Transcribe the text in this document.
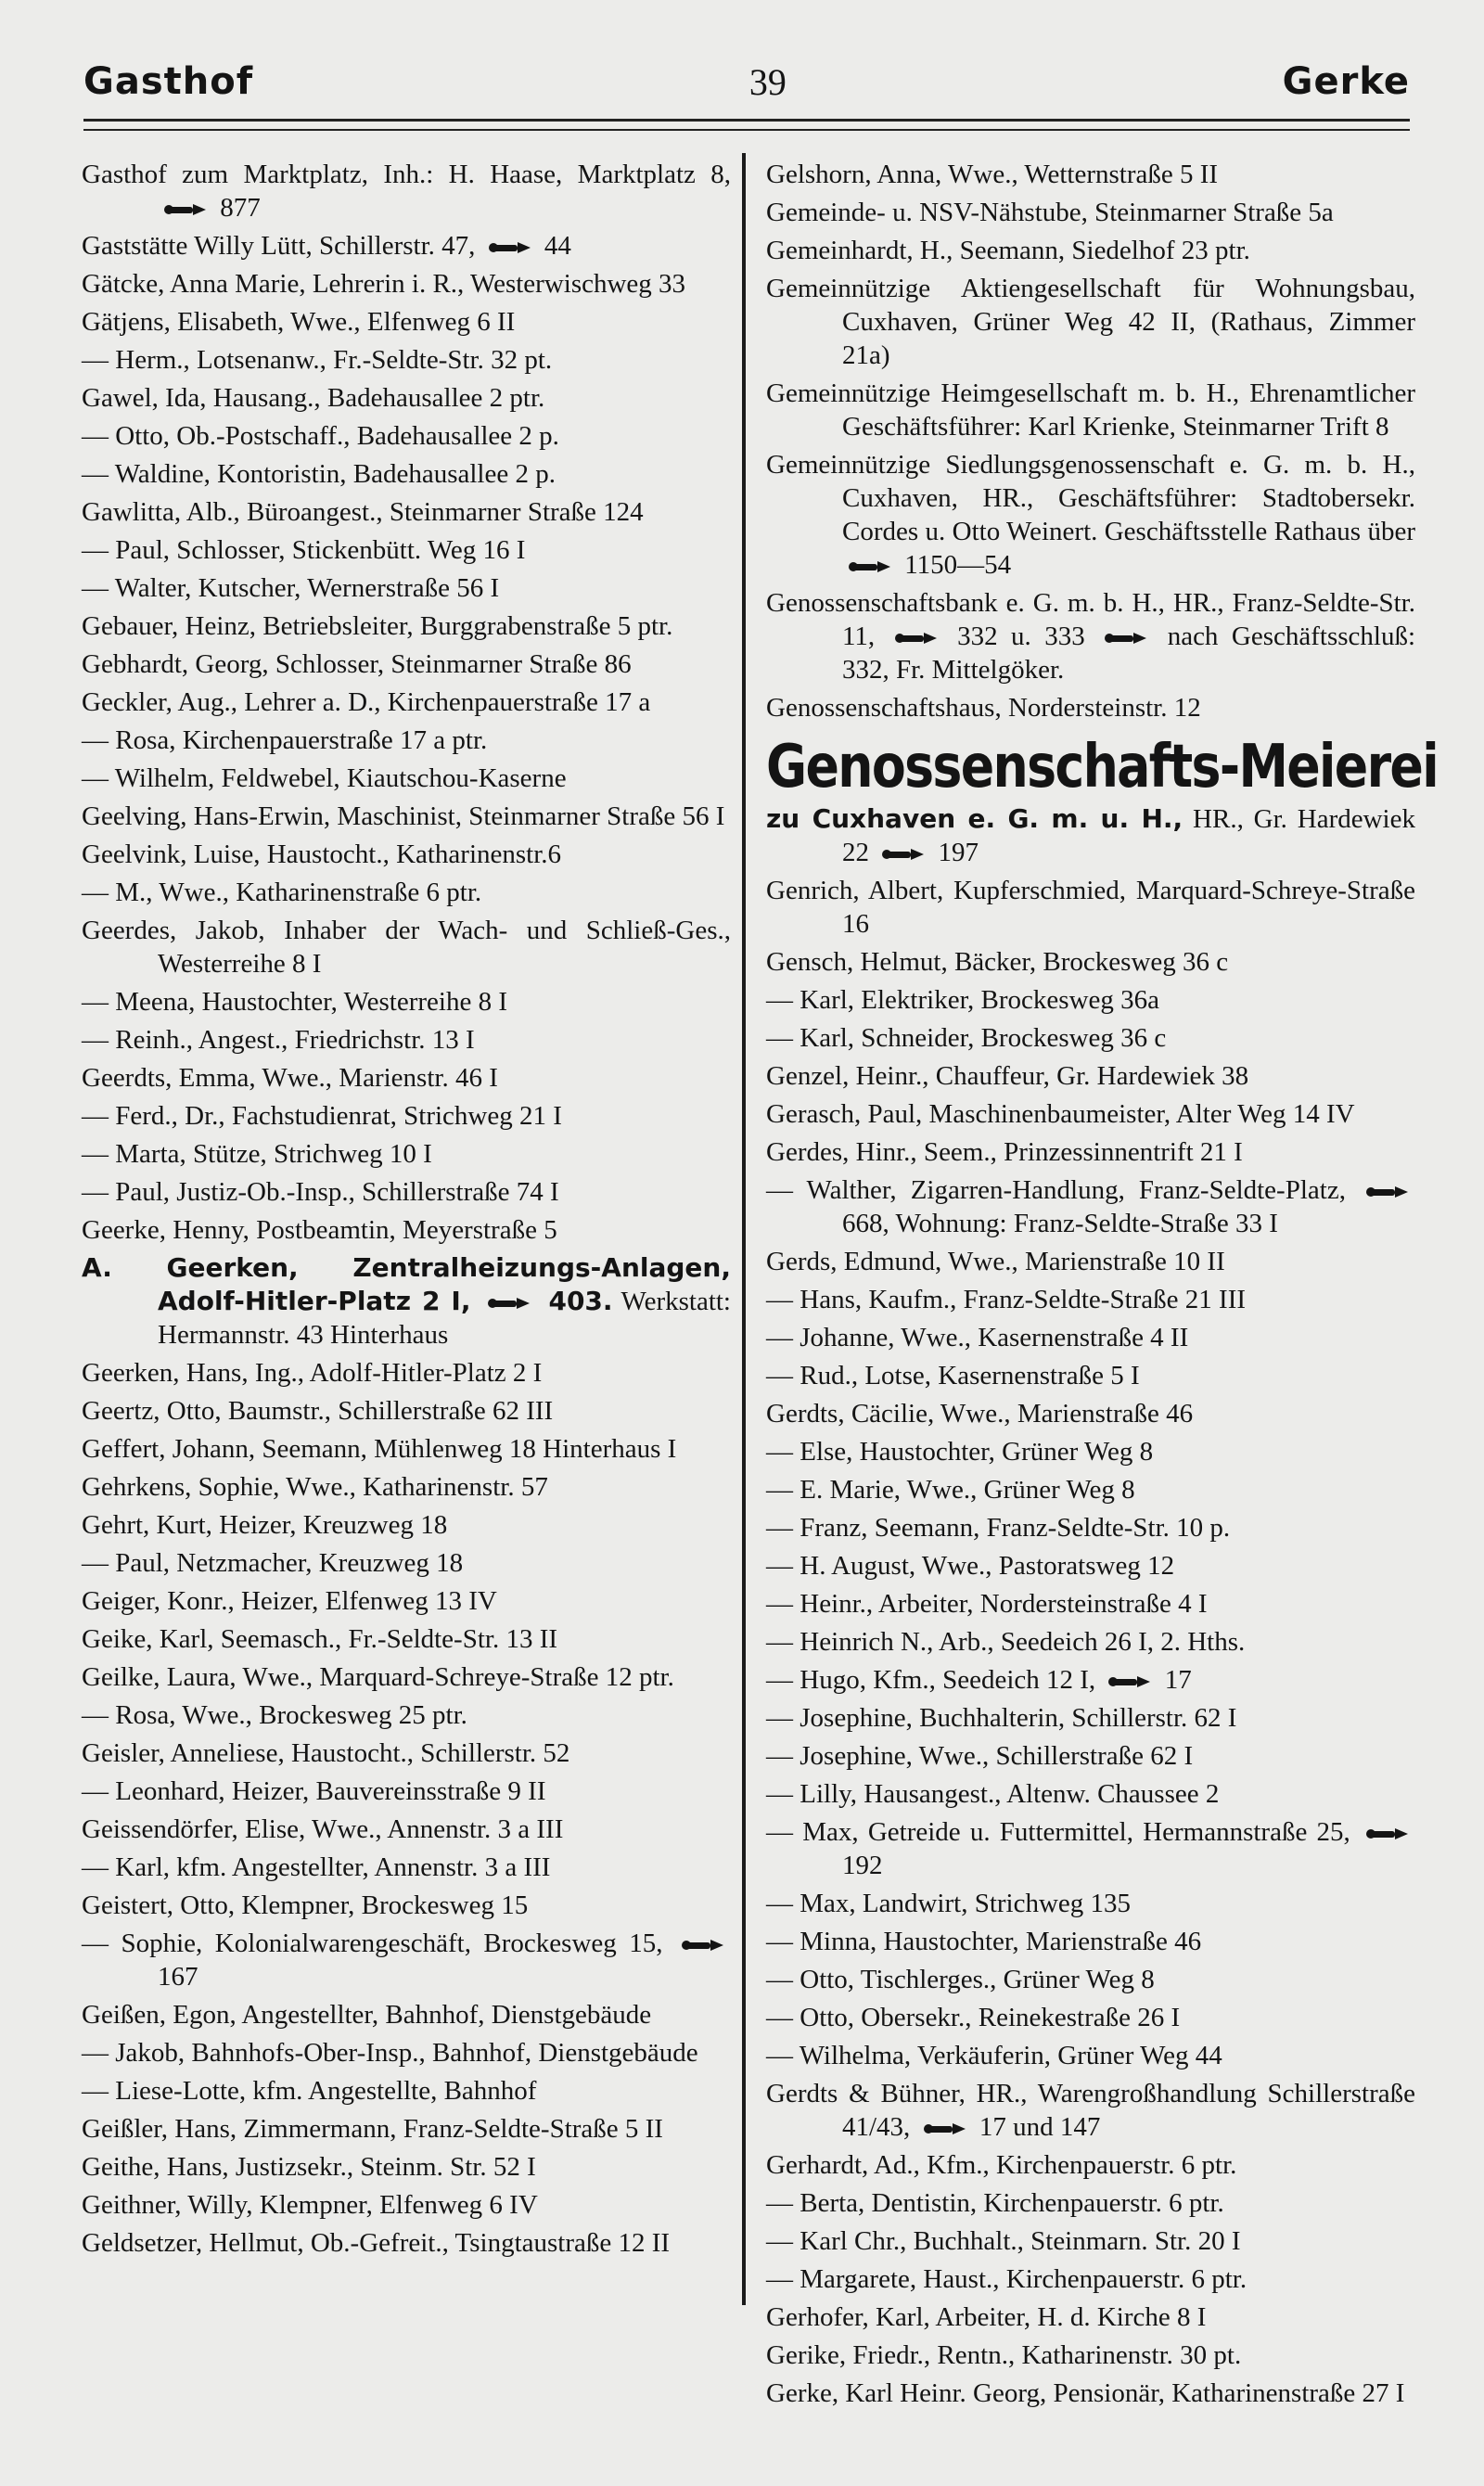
Gasthof	39	Gerke
Gasthof zum Marktplatz, Inh.: H. Haase, Marktplatz 8,  877
Gaststätte Willy Lütt, Schillerstr. 47,  44
Gätcke, Anna Marie, Lehrerin i. R., Westerwischweg 33
Gätjens, Elisabeth, Wwe., Elfenweg 6 II
— Herm., Lotsenanw., Fr.-Seldte-Str. 32 pt.
Gawel, Ida, Hausang., Badehausallee 2 ptr.
— Otto, Ob.-Postschaff., Badehausallee 2 p.
— Waldine, Kontoristin, Badehausallee 2 p.
Gawlitta, Alb., Büroangest., Steinmarner Straße 124
— Paul, Schlosser, Stickenbütt. Weg 16 I
— Walter, Kutscher, Wernerstraße 56 I
Gebauer, Heinz, Betriebsleiter, Burggrabenstraße 5 ptr.
Gebhardt, Georg, Schlosser, Steinmarner Straße 86
Geckler, Aug., Lehrer a. D., Kirchenpauerstraße 17 a
— Rosa, Kirchenpauerstraße 17 a ptr.
— Wilhelm, Feldwebel, Kiautschou-Kaserne
Geelving, Hans-Erwin, Maschinist, Steinmarner Straße 56 I
Geelvink, Luise, Haustocht., Katharinenstr.6
— M., Wwe., Katharinenstraße 6 ptr.
Geerdes, Jakob, Inhaber der Wach- und Schließ-Ges., Westerreihe 8 I
— Meena, Haustochter, Westerreihe 8 I
— Reinh., Angest., Friedrichstr. 13 I
Geerdts, Emma, Wwe., Marienstr. 46 I
— Ferd., Dr., Fachstudienrat, Strichweg 21 I
— Marta, Stütze, Strichweg 10 I
— Paul, Justiz-Ob.-Insp., Schillerstraße 74 I
Geerke, Henny, Postbeamtin, Meyerstraße 5
A. Geerken, Zentralheizungs-Anlagen, Adolf-Hitler-Platz 2 I,  403. Werkstatt: Hermannstr. 43 Hinterhaus
Geerken, Hans, Ing., Adolf-Hitler-Platz 2 I
Geertz, Otto, Baumstr., Schillerstraße 62 III
Geffert, Johann, Seemann, Mühlenweg 18 Hinterhaus I
Gehrkens, Sophie, Wwe., Katharinenstr. 57
Gehrt, Kurt, Heizer, Kreuzweg 18
— Paul, Netzmacher, Kreuzweg 18
Geiger, Konr., Heizer, Elfenweg 13 IV
Geike, Karl, Seemasch., Fr.-Seldte-Str. 13 II
Geilke, Laura, Wwe., Marquard-Schreye-Straße 12 ptr.
— Rosa, Wwe., Brockesweg 25 ptr.
Geisler, Anneliese, Haustocht., Schillerstr. 52
— Leonhard, Heizer, Bauvereinsstraße 9 II
Geissendörfer, Elise, Wwe., Annenstr. 3 a III
— Karl, kfm. Angestellter, Annenstr. 3 a III
Geistert, Otto, Klempner, Brockesweg 15
— Sophie, Kolonialwarengeschäft, Brockesweg 15,  167
Geißen, Egon, Angestellter, Bahnhof, Dienstgebäude
— Jakob, Bahnhofs-Ober-Insp., Bahnhof, Dienstgebäude
— Liese-Lotte, kfm. Angestellte, Bahnhof
Geißler, Hans, Zimmermann, Franz-Seldte-Straße 5 II
Geithe, Hans, Justizsekr., Steinm. Str. 52 I
Geithner, Willy, Klempner, Elfenweg 6 IV
Geldsetzer, Hellmut, Ob.-Gefreit., Tsingtaustraße 12 II
Gelshorn, Anna, Wwe., Wetternstraße 5 II
Gemeinde- u. NSV-Nähstube, Steinmarner Straße 5a
Gemeinhardt, H., Seemann, Siedelhof 23 ptr.
Gemeinnützige Aktiengesellschaft für Wohnungsbau, Cuxhaven, Grüner Weg 42 II, (Rathaus, Zimmer 21a)
Gemeinnützige Heimgesellschaft m. b. H., Ehrenamtlicher Geschäftsführer: Karl Krienke, Steinmarner Trift 8
Gemeinnützige Siedlungsgenossenschaft e. G. m. b. H., Cuxhaven, HR., Geschäftsführer: Stadtobersekr. Cordes u. Otto Weinert. Geschäftsstelle Rathaus über  1150—54
Genossenschaftsbank e. G. m. b. H., HR., Franz-Seldte-Str. 11,  332 u. 333  nach Geschäftsschluß: 332, Fr. Mittelgöker.
Genossenschaftshaus, Nordersteinstr. 12
Genossenschafts-Meierei
zu Cuxhaven e. G. m. u. H., HR., Gr. Hardewiek 22  197
Genrich, Albert, Kupferschmied, Marquard-Schreye-Straße 16
Gensch, Helmut, Bäcker, Brockesweg 36 c
— Karl, Elektriker, Brockesweg 36a
— Karl, Schneider, Brockesweg 36 c
Genzel, Heinr., Chauffeur, Gr. Hardewiek 38
Gerasch, Paul, Maschinenbaumeister, Alter Weg 14 IV
Gerdes, Hinr., Seem., Prinzessinnentrift 21 I
— Walther, Zigarren-Handlung, Franz-Seldte-Platz,  668, Wohnung: Franz-Seldte-Straße 33 I
Gerds, Edmund, Wwe., Marienstraße 10 II
— Hans, Kaufm., Franz-Seldte-Straße 21 III
— Johanne, Wwe., Kasernenstraße 4 II
— Rud., Lotse, Kasernenstraße 5 I
Gerdts, Cäcilie, Wwe., Marienstraße 46
— Else, Haustochter, Grüner Weg 8
— E. Marie, Wwe., Grüner Weg 8
— Franz, Seemann, Franz-Seldte-Str. 10 p.
— H. August, Wwe., Pastoratsweg 12
— Heinr., Arbeiter, Nordersteinstraße 4 I
— Heinrich N., Arb., Seedeich 26 I, 2. Hths.
— Hugo, Kfm., Seedeich 12 I,  17
— Josephine, Buchhalterin, Schillerstr. 62 I
— Josephine, Wwe., Schillerstraße 62 I
— Lilly, Hausangest., Altenw. Chaussee 2
— Max, Getreide u. Futtermittel, Hermannstraße 25,  192
— Max, Landwirt, Strichweg 135
— Minna, Haustochter, Marienstraße 46
— Otto, Tischlerges., Grüner Weg 8
— Otto, Obersekr., Reinekestraße 26 I
— Wilhelma, Verkäuferin, Grüner Weg 44
Gerdts & Bühner, HR., Warengroßhandlung Schillerstraße 41/43,  17 und 147
Gerhardt, Ad., Kfm., Kirchenpauerstr. 6 ptr.
— Berta, Dentistin, Kirchenpauerstr. 6 ptr.
— Karl Chr., Buchhalt., Steinmarn. Str. 20 I
— Margarete, Haust., Kirchenpauerstr. 6 ptr.
Gerhofer, Karl, Arbeiter, H. d. Kirche 8 I
Gerike, Friedr., Rentn., Katharinenstr. 30 pt.
Gerke, Karl Heinr. Georg, Pensionär, Katharinenstraße 27 I
